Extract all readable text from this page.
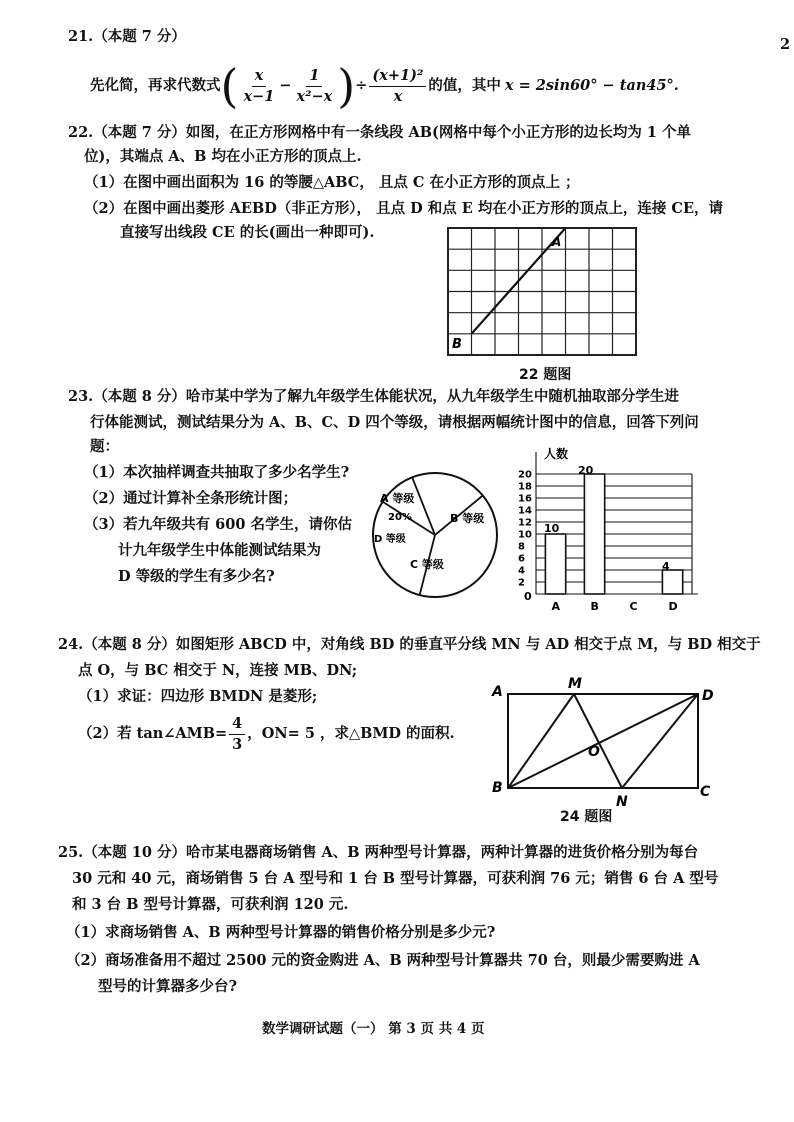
2
21.（本题 7 分）
先化简，再求代数式 ( $\frac{x}{x-1} - \frac{1}{\text{x²−x}}$ ) ÷ $\frac{\text{(x+1)²}}{x}$ 的值，其中 x = 2sin60° − tan45°.
22.（本题 7 分）如图，在正方形网格中有一条线段 AB(网格中每个小正方形的边长均为 1 个单
位)，其端点 A、B 均在小正方形的顶点上.
（1）在图中画出面积为 16 的等腰△ABC， 且点 C 在小正方形的顶点上 ；
（2）在图中画出菱形 AEBD（非正方形）， 且点 D 和点 E 均在小正方形的顶点上，连接 CE，请
直接写出线段 CE 的长(画出一种即可).
A
B
22 题图
23.（本题 8 分）哈市某中学为了解九年级学生体能状况，从九年级学生中随机抽取部分学生进
行体能测试，测试结果分为 A、B、C、D 四个等级，请根据两幅统计图中的信息，回答下列问
题：
（1）本次抽样调查共抽取了多少名学生?
（2）通过计算补全条形统计图；
（3）若九年级共有 600 名学生，请你估
计九年级学生中体能测试结果为
D 等级的学生有多少名?
A 等级
20%	B 等级
C 等级
D 等级
人数
2
4
6
8
10
12
14
16
18
20
A	B	C	D
0
10
20
4
24.（本题 8 分）如图矩形 ABCD 中，对角线 BD 的垂直平分线 MN 与 AD 相交于点 M，与 BD 相交于
点 O，与 BC 相交于 N，连接 MB、DN;
（1）求证：四边形 BMDN 是菱形;
（2）若 tan∠AMB= $\frac{4}{3}$ ，ON= 5 ，求△BMD 的面积.
A	M
D
O
B
N
C
24 题图
25.（本题 10 分）哈市某电器商场销售 A、B 两种型号计算器，两种计算器的进货价格分别为每台
30 元和 40 元，商场销售 5 台 A 型号和 1 台 B 型号计算器，可获利润 76 元；销售 6 台 A 型号
和 3 台 B 型号计算器，可获利润 120 元.
（1）求商场销售 A、B 两种型号计算器的销售价格分别是多少元?
（2）商场准备用不超过 2500 元的资金购进 A、B 两种型号计算器共 70 台，则最少需要购进 A
型号的计算器多少台?
数学调研试题（一） 第 3 页 共 4 页
